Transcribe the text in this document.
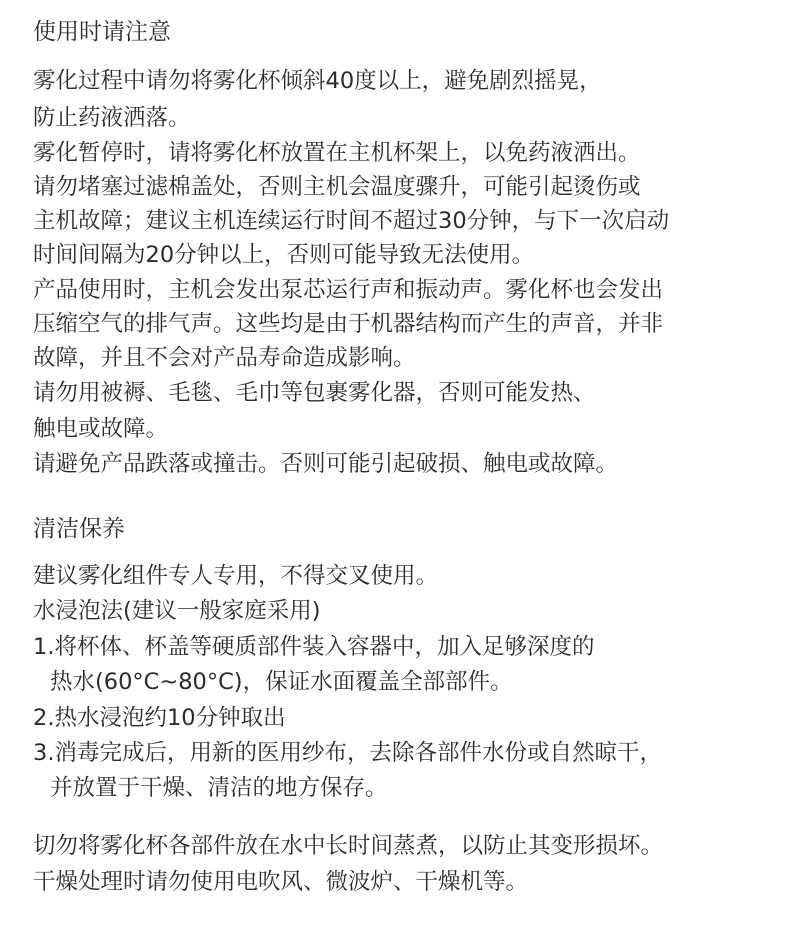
使用时请注意
雾化过程中请勿将雾化杯倾斜40度以上，避免剧烈摇晃，
防止药液洒落。
雾化暂停时，请将雾化杯放置在主机杯架上，以免药液洒出。
请勿堵塞过滤棉盖处，否则主机会温度骤升，可能引起烫伤或
主机故障；建议主机连续运行时间不超过30分钟，与下一次启动
时间间隔为20分钟以上，否则可能导致无法使用。
产品使用时，主机会发出泵芯运行声和振动声。雾化杯也会发出
压缩空气的排气声。这些均是由于机器结构而产生的声音，并非
故障，并且不会对产品寿命造成影响。
请勿用被褥、毛毯、毛巾等包裹雾化器，否则可能发热、
触电或故障。
请避免产品跌落或撞击。否则可能引起破损、触电或故障。
清洁保养
建议雾化组件专人专用，不得交叉使用。
水浸泡法(建议一般家庭采用)
1.将杯体、杯盖等硬质部件装入容器中，加入足够深度的
热水(60°C~80°C)，保证水面覆盖全部部件。
2.热水浸泡约10分钟取出
3.消毒完成后，用新的医用纱布，去除各部件水份或自然晾干，
并放置于干燥、清洁的地方保存。
切勿将雾化杯各部件放在水中长时间蒸煮，以防止其变形损坏。
干燥处理时请勿使用电吹风、微波炉、干燥机等。
